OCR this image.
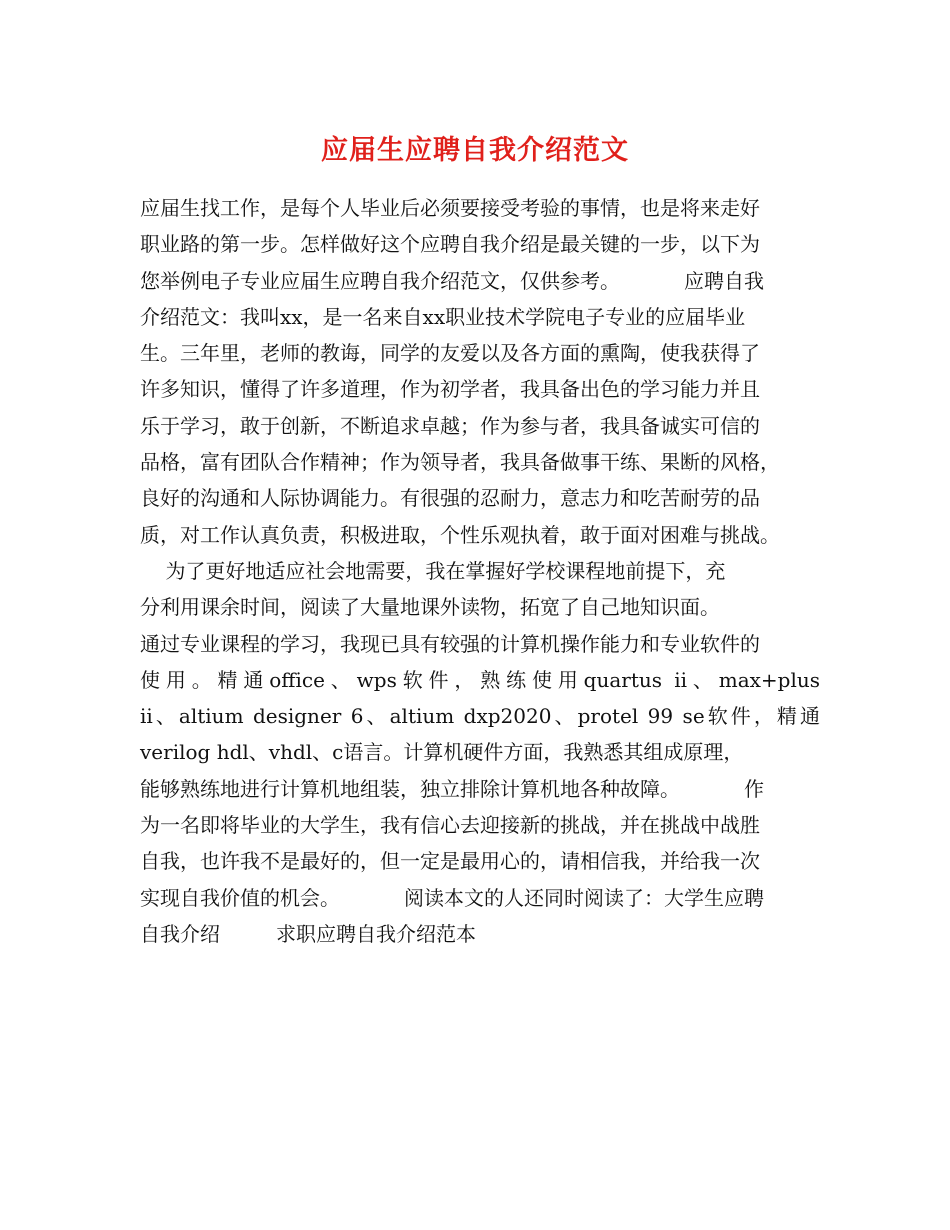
应届生应聘自我介绍范文
应届生找工作，是每个人毕业后必须要接受考验的事情，也是将来走好
职业路的第一步。怎样做好这个应聘自我介绍是最关键的一步，以下为
您举例电子专业应届生应聘自我介绍范文，仅供参考。	应聘自我
介绍范文：我叫xx，是一名来自xx职业技术学院电子专业的应届毕业
生。三年里，老师的教诲，同学的友爱以及各方面的熏陶，使我获得了
许多知识，懂得了许多道理，作为初学者，我具备出色的学习能力并且
乐于学习，敢于创新，不断追求卓越；作为参与者，我具备诚实可信的
品格，富有团队合作精神；作为领导者，我具备做事干练、果断的风格，
良好的沟通和人际协调能力。有很强的忍耐力，意志力和吃苦耐劳的品
质，对工作认真负责，积极进取，个性乐观执着，敢于面对困难与挑战。
为了更好地适应社会地需要，我在掌握好学校课程地前提下，充
分利用课余时间，阅读了大量地课外读物，拓宽了自己地知识面。
通过专业课程的学习，我现已具有较强的计算机操作能力和专业软件的
使用。精通office、wps软件，熟练使用quartus ii、max+plus
ii、altium designer 6、altium dxp2020、protel 99 se软件，精通
verilog hdl、vhdl、c语言。计算机硬件方面，我熟悉其组成原理，
能够熟练地进行计算机地组装，独立排除计算机地各种故障。	作
为一名即将毕业的大学生，我有信心去迎接新的挑战，并在挑战中战胜
自我，也许我不是最好的，但一定是最用心的，请相信我，并给我一次
实现自我价值的机会。	阅读本文的人还同时阅读了：大学生应聘
自我介绍	求职应聘自我介绍范本
